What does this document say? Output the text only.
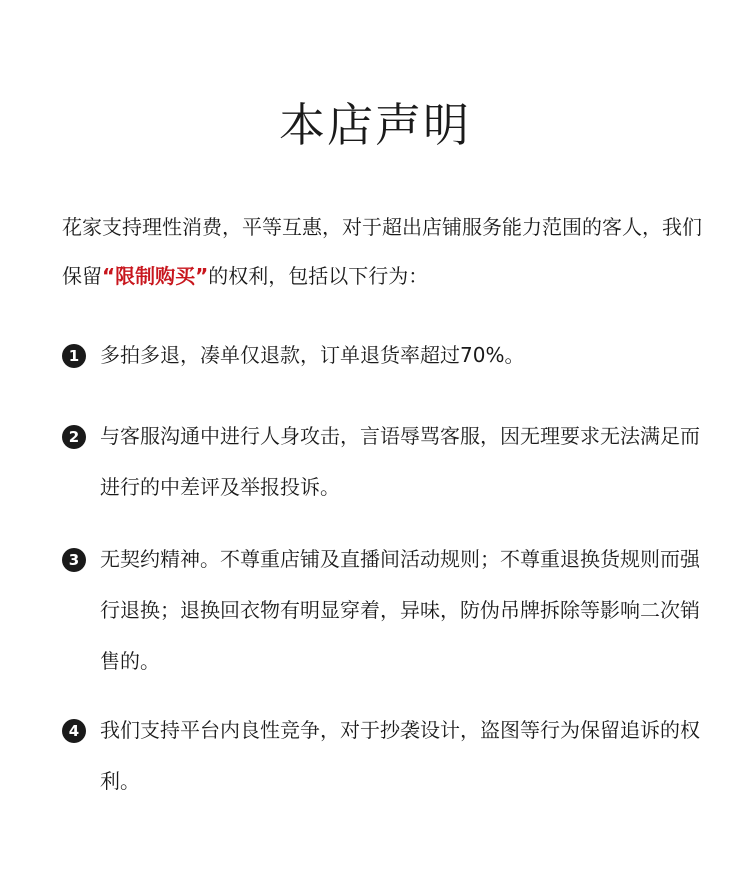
本店声明
花家支持理性消费，平等互惠，对于超出店铺服务能力范围的客人，我们保留“限制购买”的权利，包括以下行为：
1	多拍多退，凑单仅退款，订单退货率超过70%。
2	与客服沟通中进行人身攻击，言语辱骂客服，因无理要求无法满足而进行的中差评及举报投诉。
3	无契约精神。不尊重店铺及直播间活动规则；不尊重退换货规则而强行退换；退换回衣物有明显穿着，异味，防伪吊牌拆除等影响二次销售的。
4	我们支持平台内良性竞争，对于抄袭设计，盗图等行为保留追诉的权利。
